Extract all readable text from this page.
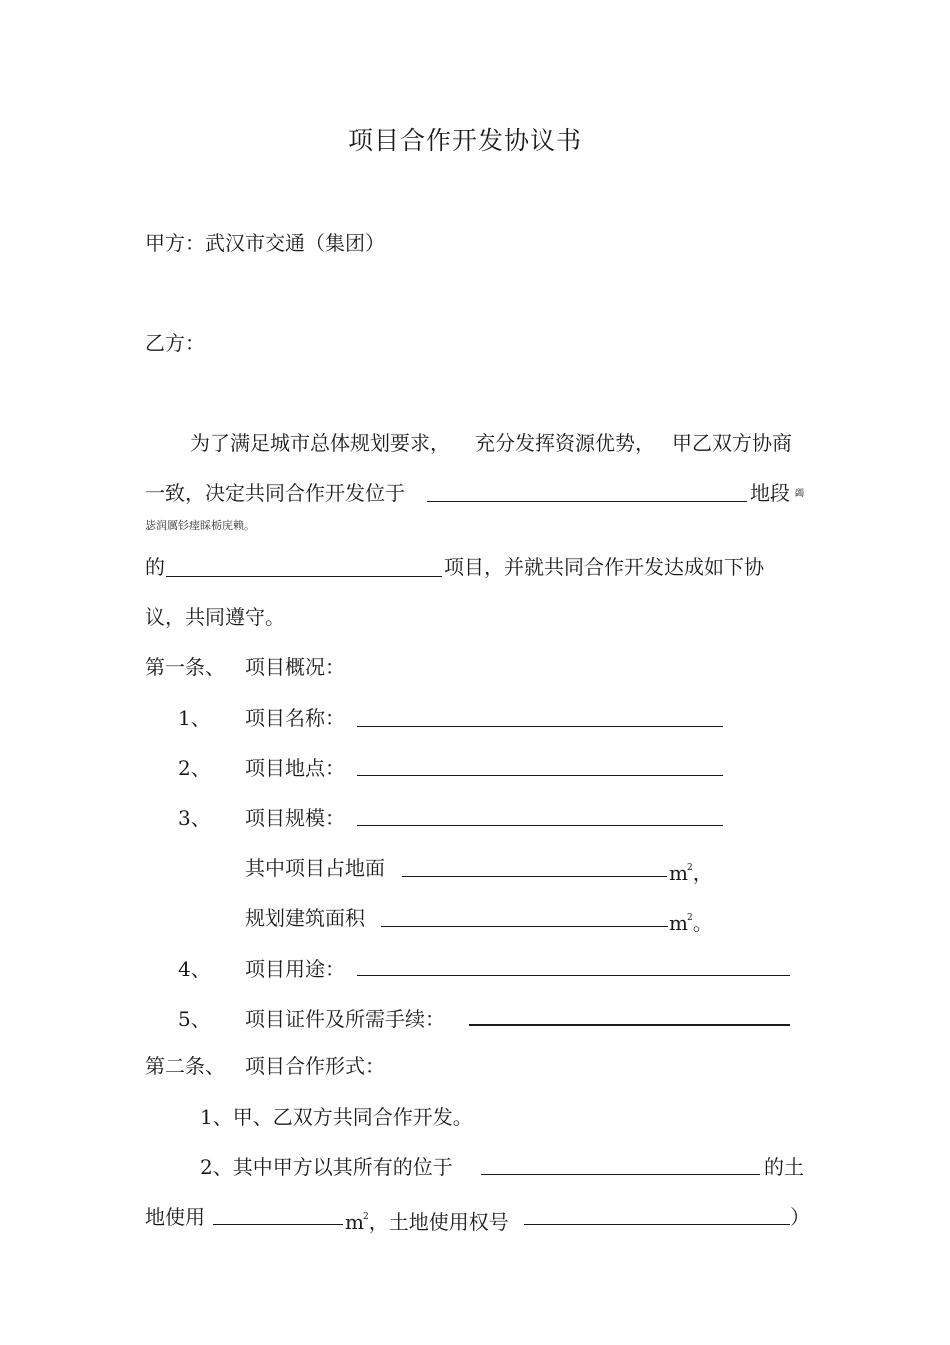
项目合作开发协议书
甲方：武汉市交通（集团）
乙方：
为了满足城市总体规划要求， 充分发挥资源优势， 甲乙双方协商
一致，决定共同合作开发位于	地段 蠲
毖润厲钐瘗睬栃庑赖。
的	项目，并就共同合作开发达成如下协
议，共同遵守。
第一条、 项目概况：
1、 项目名称：
2、 项目地点：
3、 项目规模：
其中项目占地面	$m^2$，
规划建筑面积	$m^2$。
4、 项目用途：
5、 项目证件及所需手续：
第二条、 项目合作形式：
1、甲、乙双方共同合作开发。
2、其中甲方以其所有的位于	的土
地使用	$m^2$，土地使用权号	）
